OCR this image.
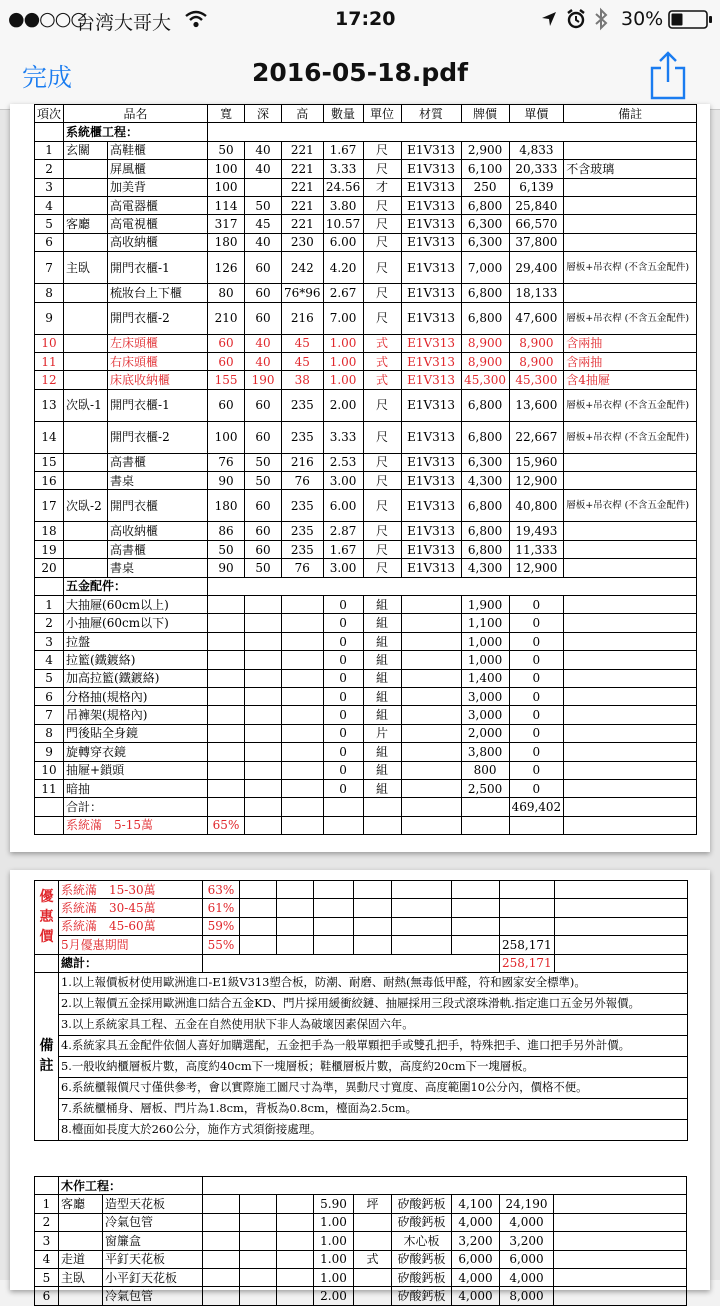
●●○○○
台湾大哥大	17:20	30%
完成	2016-05-18.pdf
項次	品名		寬	深	高	數量	單位	材質	牌價	單價	備註
	系統櫃工程：										
1	玄關	高鞋櫃	50	40	221	1.67	尺	E1V313	2,900	4,833	
2		屏風櫃	100	40	221	3.33	尺	E1V313	6,100	20,333	不含玻璃
3		加美背	100		221	24.56	才	E1V313	250	6,139	
4		高電器櫃	114	50	221	3.80	尺	E1V313	6,800	25,840	
5	客廳	高電視櫃	317	45	221	10.57	尺	E1V313	6,300	66,570	
6		高收納櫃	180	40	230	6.00	尺	E1V313	6,300	37,800	
7	主臥	開門衣櫃-1	126	60	242	4.20	尺	E1V313	7,000	29,400	層板+吊衣桿 (不含五金配件)
8		梳妝台上下櫃	80	60	76*96	2.67	尺	E1V313	6,800	18,133	
9		開門衣櫃-2	210	60	216	7.00	尺	E1V313	6,800	47,600	層板+吊衣桿 (不含五金配件)
10		左床頭櫃	60	40	45	1.00	式	E1V313	8,900	8,900	含兩抽
11		右床頭櫃	60	40	45	1.00	式	E1V313	8,900	8,900	含兩抽
12		床底收納櫃	155	190	38	1.00	式	E1V313	45,300	45,300	含4抽屜
13	次臥-1	開門衣櫃-1	60	60	235	2.00	尺	E1V313	6,800	13,600	層板+吊衣桿 (不含五金配件)
14		開門衣櫃-2	100	60	235	3.33	尺	E1V313	6,800	22,667	層板+吊衣桿 (不含五金配件)
15		高書櫃	76	50	216	2.53	尺	E1V313	6,300	15,960	
16		書桌	90	50	76	3.00	尺	E1V313	4,300	12,900	
17	次臥-2	開門衣櫃	180	60	235	6.00	尺	E1V313	6,800	40,800	層板+吊衣桿 (不含五金配件)
18		高收納櫃	86	60	235	2.87	尺	E1V313	6,800	19,493	
19		高書櫃	50	60	235	1.67	尺	E1V313	6,800	11,333	
20		書桌	90	50	76	3.00	尺	E1V313	4,300	12,900	
	五金配件：										
1	大抽屜(60cm以上)					0	組		1,900	0	
2	小抽屜(60cm以下)					0	組		1,100	0	
3	拉盤					0	組		1,000	0	
4	拉籃(鐵鍍絡)					0	組		1,000	0	
5	加高拉籃(鐵鍍絡)					0	組		1,400	0	
6	分格抽(規格內)					0	組		3,000	0	
7	吊褲架(規格內)					0	組		3,000	0	
8	門後貼全身鏡					0	片		2,000	0	
9	旋轉穿衣鏡					0	組		3,800	0	
10	抽屜+鎖頭					0	組		800	0	
11	暗抽					0	組		2,500	0	
	合計：									469,402	
	系統滿　5-15萬		65%								
優惠價	系統滿　15-30萬	63%								
	系統滿　30-45萬	61%								
	系統滿　45-60萬	59%								
	5月優惠期間	55%							258,171	
	總計：								258,171	
備註	1.以上報價板材使用歐洲進口-E1級V313塑合板，防潮、耐磨、耐熱(無毒低甲醛，符和國家安全標準)。									
	2.以上報價五金採用歐洲進口結合五金KD、門片採用緩衝絞鏈、抽屜採用三段式滾珠滑軌.指定進口五金另外報價。									
	3.以上系統家具工程、五金在自然使用狀下非人為破壞因素保固六年。									
	4.系統家具五金配件依個人喜好加購選配，五金把手為一般單顆把手或雙孔把手，特殊把手、進口把手另外計價。									
	5.一般收納櫃層板片數，高度約40cm下一塊層板；鞋櫃層板片數，高度約20cm下一塊層板。									
	6.系統櫃報價尺寸僅供參考，會以實際施工圖尺寸為準，異動尺寸寬度、高度範圍10公分內，價格不便。									
	7.系統櫃桶身、層板、門片為1.8cm，背板為0.8cm，檯面為2.5cm。									
	8.檯面如長度大於260公分，施作方式須銜接處理。									
	木作工程：										
1	客廳	造型天花板				5.90	坪	矽酸鈣板	4,100	24,190	
2		冷氣包管				1.00		矽酸鈣板	4,000	4,000	
3		窗簾盒				1.00		木心板	3,200	3,200	
4	走道	平釘天花板				1.00	式	矽酸鈣板	6,000	6,000	
5	主臥	小平釘天花板				1.00		矽酸鈣板	4,000	4,000	
6		冷氣包管				2.00		矽酸鈣板	4,000	8,000	
